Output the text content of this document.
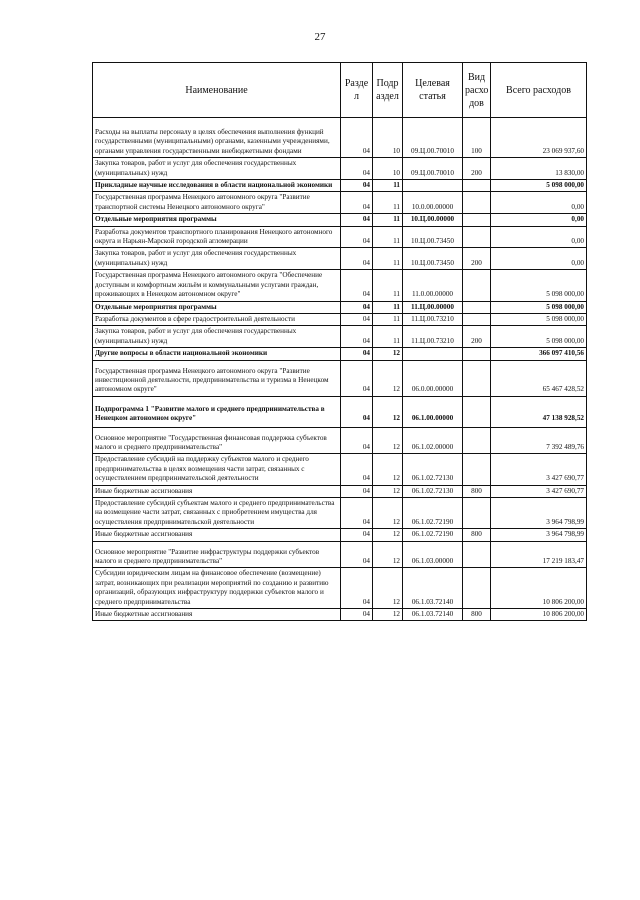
27
Наименование	Разде л	Подр аздел	Целевая статья	Вид расхо дов	Всего расходов
Расходы на выплаты персоналу в целях обеспечения выполнения функций государственными (муниципальными) органами, казенными учреждениями, органами управления государственными внебюджетными фондами	04	10	09.Ц.00.70010	100	23 069 937,60
Закупка товаров, работ и услуг для обеспечения государственных (муниципальных) нужд	04	10	09.Ц.00.70010	200	13 830,00
Прикладные научные исследования в области национальной экономики	04	11			5 098 000,00
Государственная программа Ненецкого автономного округа "Развитие транспортной системы Ненецкого автономного округа"	04	11	10.0.00.00000		0,00
Отдельные мероприятия программы	04	11	10.Ц.00.00000		0,00
Разработка документов транспортного планирования Ненецкого автономного округа и Нарьян-Марской городской агломерации	04	11	10.Ц.00.73450		0,00
Закупка товаров, работ и услуг для обеспечения государственных (муниципальных) нужд	04	11	10.Ц.00.73450	200	0,00
Государственная программа Ненецкого автономного округа "Обеспечение доступным и комфортным жильём и коммунальными услугами граждан, проживающих в Ненецком автономном округе"	04	11	11.0.00.00000		5 098 000,00
Отдельные мероприятия программы	04	11	11.Ц.00.00000		5 098 000,00
Разработка документов в сфере градостроительной деятельности	04	11	11.Ц.00.73210		5 098 000,00
Закупка товаров, работ и услуг для обеспечения государственных (муниципальных) нужд	04	11	11.Ц.00.73210	200	5 098 000,00
Другие вопросы в области национальной экономики	04	12			366 097 410,56
Государственная программа Ненецкого автономного округа "Развитие инвестиционной деятельности, предпринимательства и туризма в Ненецком автономном округе"	04	12	06.0.00.00000		65 467 428,52
Подпрограмма 1 "Развитие малого и среднего предпринимательства в Ненецком автономном округе"	04	12	06.1.00.00000		47 138 928,52
Основное мероприятие "Государственная финансовая поддержка субъектов малого и среднего предпринимательства"	04	12	06.1.02.00000		7 392 489,76
Предоставление субсидий на поддержку субъектов малого и среднего предпринимательства в целях возмещения части затрат, связанных с осуществлением предпринимательской деятельности	04	12	06.1.02.72130		3 427 690,77
Иные бюджетные ассигнования	04	12	06.1.02.72130	800	3 427 690,77
Предоставление субсидий субъектам малого и среднего предпринимательства на возмещение части затрат, связанных с приобретением имущества для осуществления предпринимательской деятельности	04	12	06.1.02.72190		3 964 798,99
Иные бюджетные ассигнования	04	12	06.1.02.72190	800	3 964 798,99
Основное мероприятие "Развитие инфраструктуры поддержки субъектов малого и среднего предпринимательства"	04	12	06.1.03.00000		17 219 183,47
Субсидии юридическим лицам на финансовое обеспечение (возмещение) затрат, возникающих при реализации мероприятий по созданию и развитию организаций, образующих инфраструктуру поддержки субъектов малого и среднего предпринимательства	04	12	06.1.03.72140		10 806 200,00
Иные бюджетные ассигнования	04	12	06.1.03.72140	800	10 806 200,00
